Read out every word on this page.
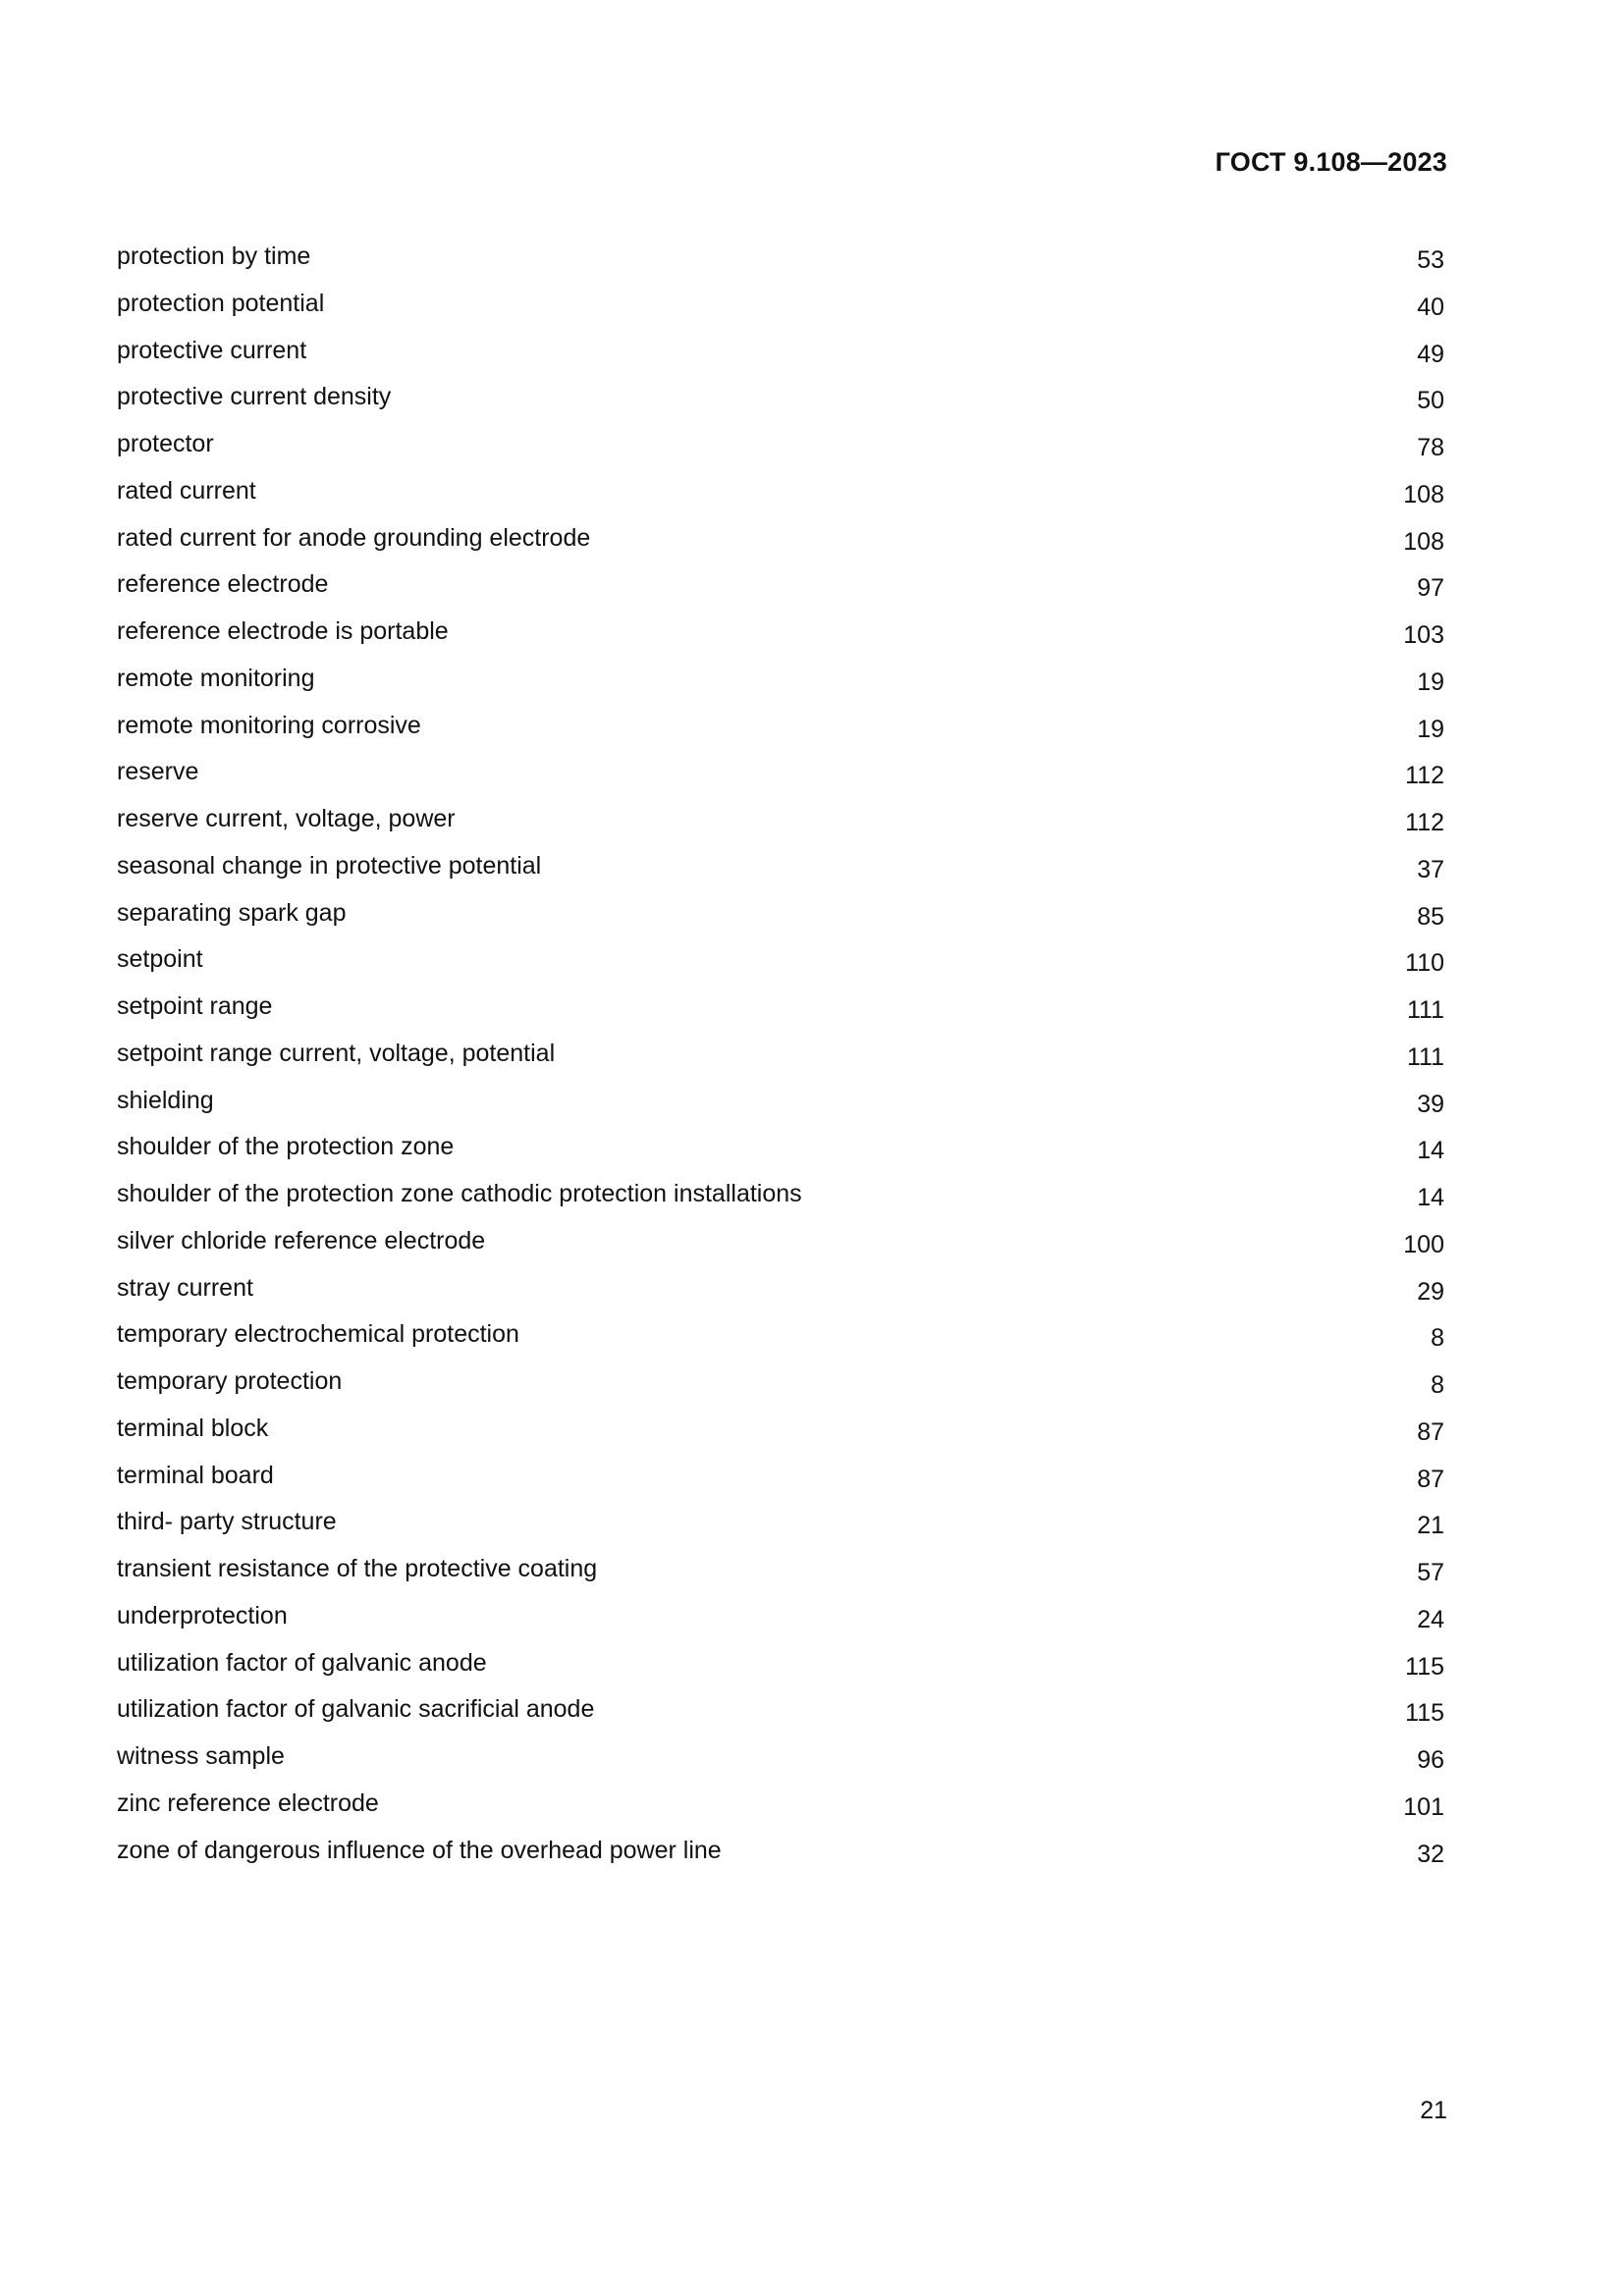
ГОСТ 9.108—2023
protection by time	53
protection potential	40
protective current	49
protective current density	50
protector	78
rated current	108
rated current for anode grounding electrode	108
reference electrode	97
reference electrode is portable	103
remote monitoring	19
remote monitoring corrosive	19
reserve	112
reserve current, voltage, power	112
seasonal change in protective potential	37
separating spark gap	85
setpoint	110
setpoint range	111
setpoint range current, voltage, potential	111
shielding	39
shoulder of the protection zone	14
shoulder of the protection zone cathodic protection installations	14
silver chloride reference electrode	100
stray current	29
temporary electrochemical protection	8
temporary protection	8
terminal block	87
terminal board	87
third- party structure	21
transient resistance of the protective coating	57
underprotection	24
utilization factor of galvanic anode	115
utilization factor of galvanic sacrificial anode	115
witness sample	96
zinc reference electrode	101
zone of dangerous influence of the overhead power line	32
21
